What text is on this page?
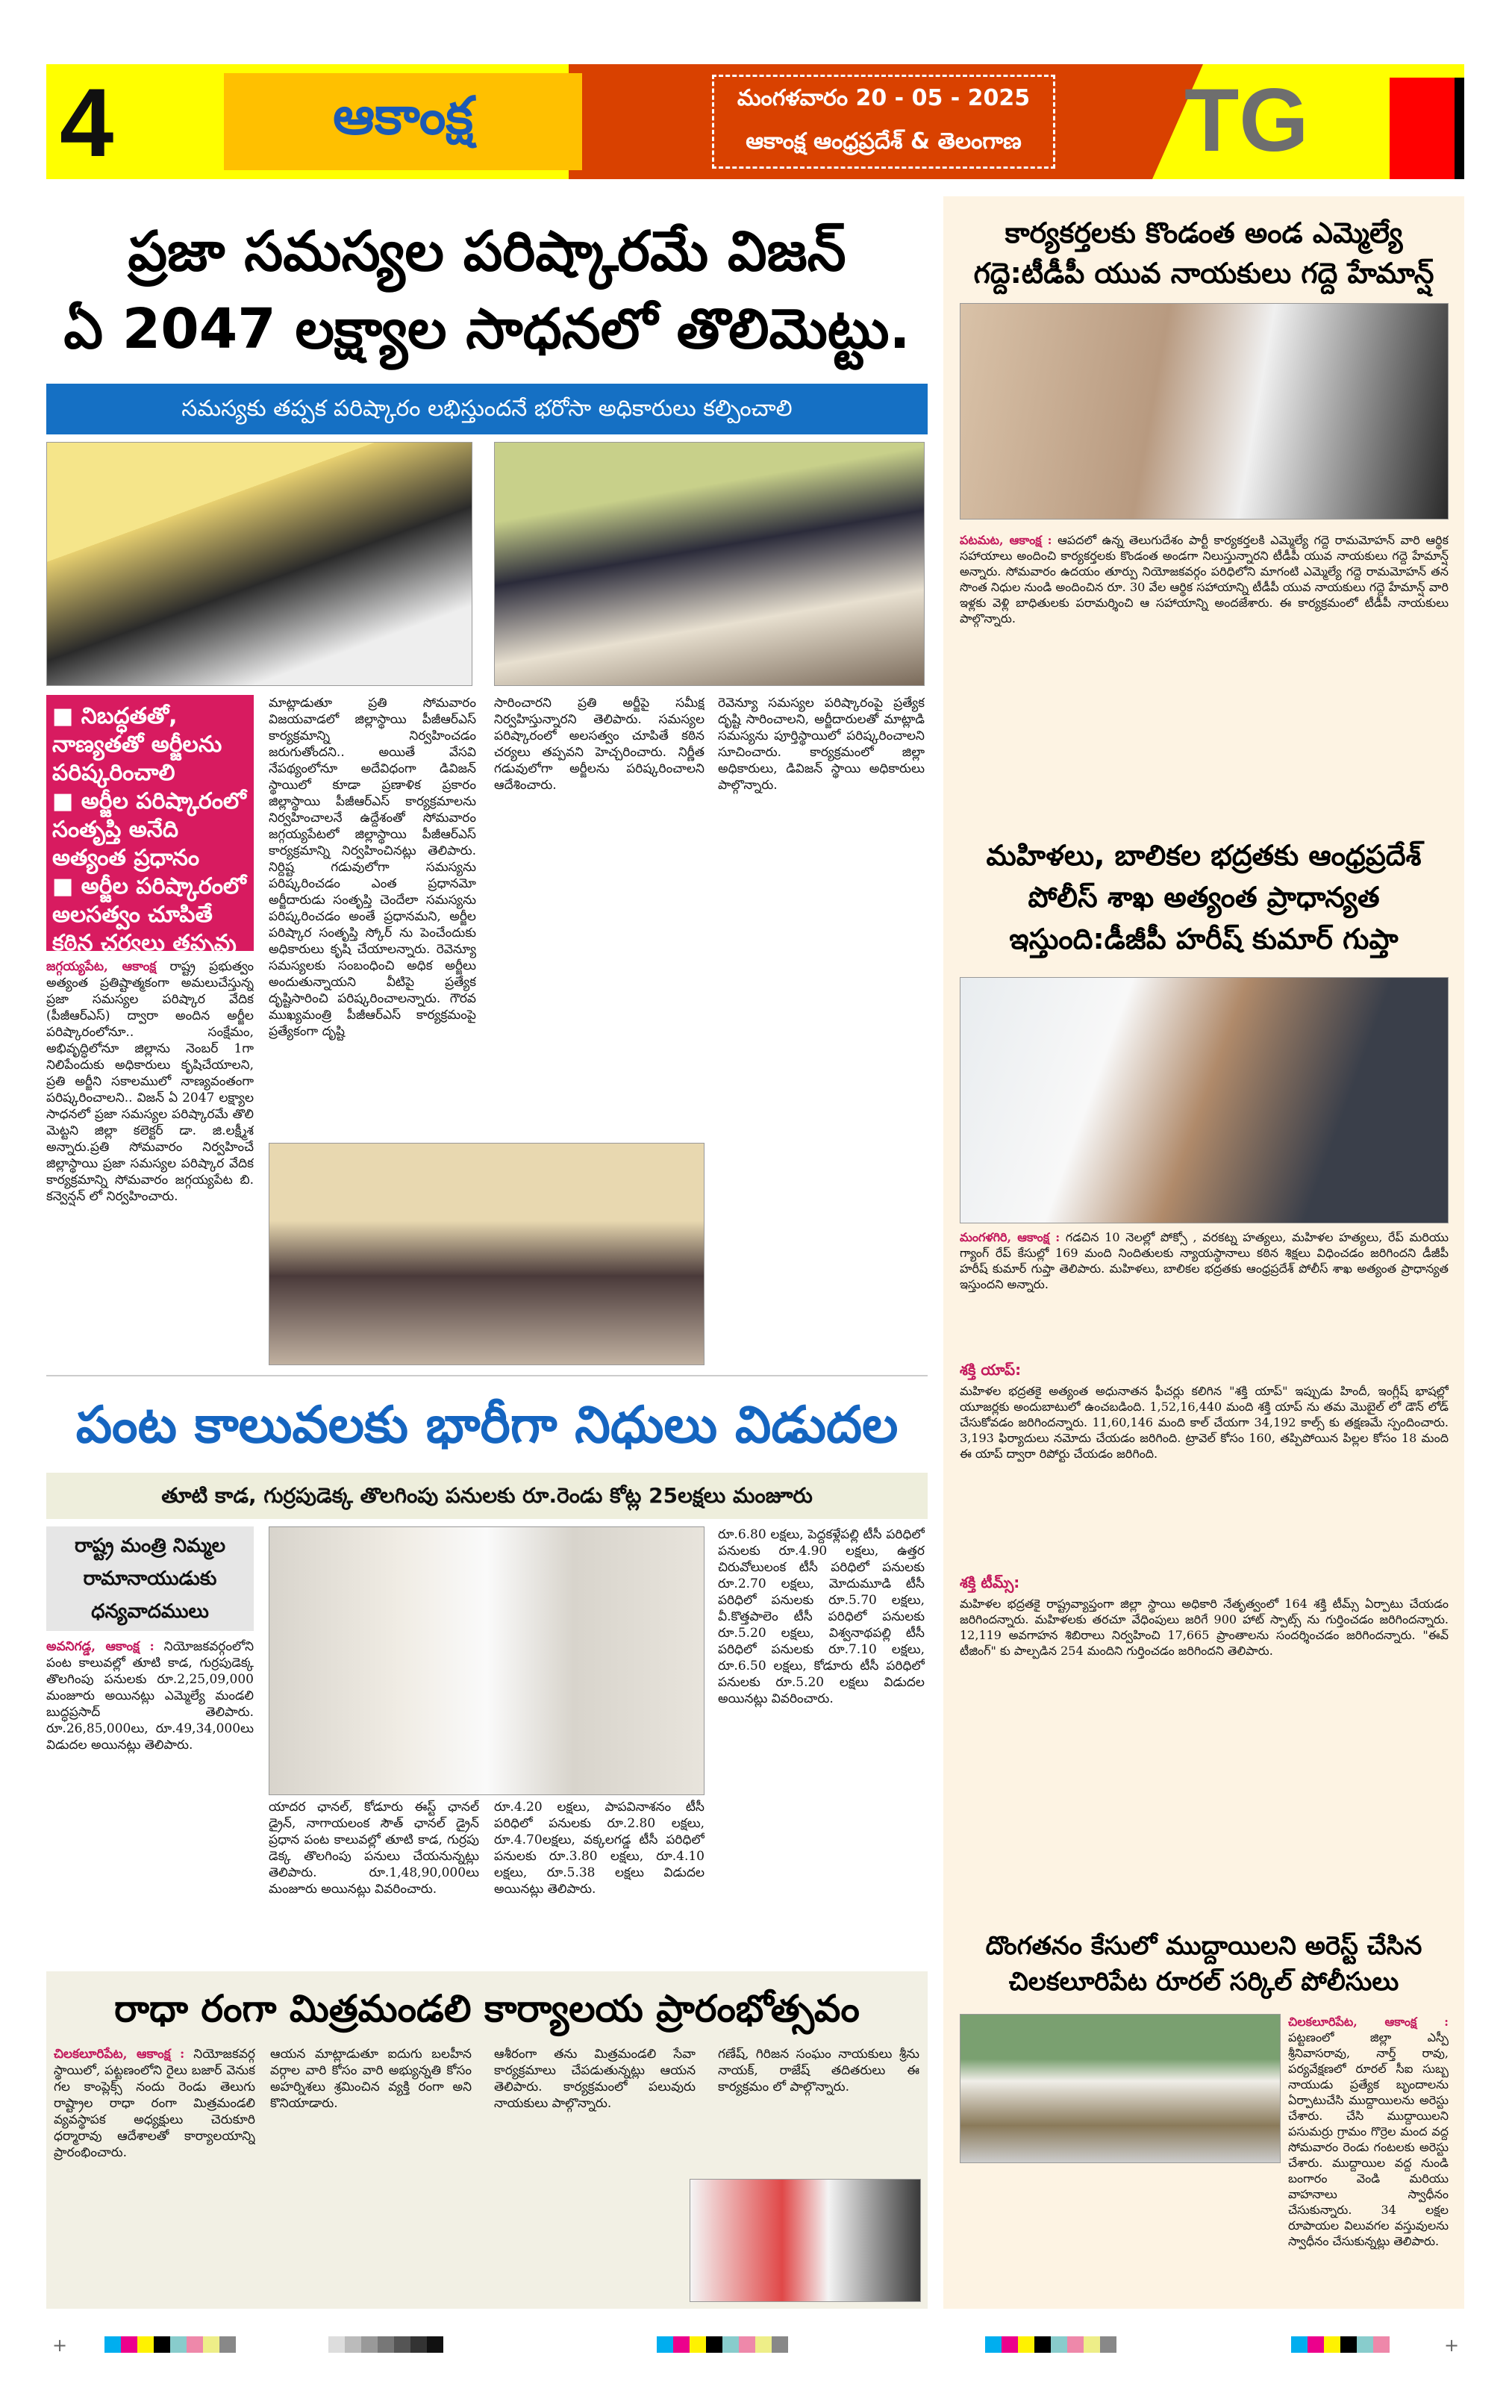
4	ఆకాంక్ష	మంగళవారం 20 - 05 - 2025
ఆకాంక్ష ఆంధ్రప్రదేశ్ & తెలంగాణ	TG
ప్రజా సమస్యల పరిష్కారమే విజన్
ఏ 2047 లక్ష్యాల సాధనలో తొలిమెట్టు.
సమస్యకు తప్పక పరిష్కారం లభిస్తుందనే భరోసా అధికారులు కల్పించాలి
■ నిబద్ధతతో, నాణ్యతతో అర్జీలను పరిష్కరించాలి
■ అర్జీల పరిష్కారంలో సంతృప్తి అనేది అత్యంత ప్రధానం
■ అర్జీల పరిష్కారంలో అలసత్వం చూపితే కఠిన చర్యలు తప్పవు
జగ్గయ్యపేట, ఆకాంక్ష రాష్ట్ర ప్రభుత్వం అత్యంత ప్రతిష్టాత్మకంగా అమలుచేస్తున్న ప్రజా సమస్యల పరిష్కార వేదిక (పీజీఆర్ఎస్) ద్వారా అందిన అర్జీల పరిష్కారంలోనూ.. సంక్షేమం, అభివృద్ధిలోనూ జిల్లాను నెంబర్ 1గా నిలిపేందుకు అధికారులు కృషిచేయాలని, ప్రతి అర్జీని సకాలములో నాణ్యవంతంగా పరిష్కరించాలని.. విజన్ ఏ 2047 లక్ష్యాల సాధనలో ప్రజా సమస్యల పరిష్కారమే తొలి మెట్టని జిల్లా కలెక్టర్ డా. జి.లక్ష్మీశ అన్నారు.ప్రతి సోమవారం నిర్వహించే జిల్లాస్థాయి ప్రజా సమస్యల పరిష్కార వేదిక కార్యక్రమాన్ని సోమవారం జగ్గయ్యపేట బి. కన్వెన్షన్ లో నిర్వహించారు.
మాట్లాడుతూ ప్రతి సోమవారం విజయవాడలో జిల్లాస్థాయి పీజీఆర్ఎస్ కార్యక్రమాన్ని నిర్వహించడం జరుగుతోందని.. అయితే వేసవి నేపథ్యంలోనూ అదేవిధంగా డివిజన్ స్థాయిలో కూడా ప్రణాళిక ప్రకారం జిల్లాస్థాయి పీజీఆర్ఎస్ కార్యక్రమాలను నిర్వహించాలనే ఉద్దేశంతో సోమవారం జగ్గయ్యపేటలో జిల్లాస్థాయి పీజీఆర్ఎస్ కార్యక్రమాన్ని నిర్వహించినట్లు తెలిపారు. నిర్దిష్ట గడువులోగా సమస్యను పరిష్కరించడం ఎంత ప్రధానమో అర్జీదారుడు సంతృప్తి చెందేలా సమస్యను పరిష్కరించడం అంతే ప్రధానమని, అర్జీల పరిష్కార సంతృప్తి స్కోర్ ను పెంచేందుకు అధికారులు కృషి చేయాలన్నారు. రెవెన్యూ సమస్యలకు సంబంధించి అధిక అర్జీలు అందుతున్నాయని వీటిపై ప్రత్యేక దృష్టిసారించి పరిష్కరించాలన్నారు. గౌరవ ముఖ్యమంత్రి పీజీఆర్ఎస్ కార్యక్రమంపై ప్రత్యేకంగా దృష్టి
సారించారని ప్రతి అర్జీపై సమీక్ష నిర్వహిస్తున్నారని తెలిపారు. సమస్యల పరిష్కారంలో అలసత్వం చూపితే కఠిన చర్యలు తప్పవని హెచ్చరించారు. నిర్ణీత గడువులోగా అర్జీలను పరిష్కరించాలని ఆదేశించారు.
రెవెన్యూ సమస్యల పరిష్కారంపై ప్రత్యేక దృష్టి సారించాలని, అర్జీదారులతో మాట్లాడి సమస్యను పూర్తిస్థాయిలో పరిష్కరించాలని సూచించారు. కార్యక్రమంలో జిల్లా అధికారులు, డివిజన్ స్థాయి అధికారులు పాల్గొన్నారు.
పంట కాలువలకు భారీగా నిధులు విడుదల
తూటి కాడ, గుర్రపుడెక్క తొలగింపు పనులకు రూ.రెండు కోట్ల 25లక్షలు మంజూరు
రాష్ట్ర మంత్రి నిమ్మల రామానాయుడుకు ధన్యవాదములు
అవనిగడ్డ, ఆకాంక్ష : నియోజకవర్గంలోని పంట కాలువల్లో తూటి కాడ, గుర్రపుడెక్క తొలగింపు పనులకు రూ.2,25,09,000 మంజూరు అయినట్లు ఎమ్మెల్యే మండలి బుద్ధప్రసాద్ తెలిపారు. రూ.26,85,000లు, రూ.49,34,000లు విడుదల అయినట్లు తెలిపారు.
రూ.6.80 లక్షలు, పెద్దకళ్లేపల్లి టీసీ పరిధిలో పనులకు రూ.4.90 లక్షలు, ఉత్తర చిరువోలులంక టీసీ పరిధిలో పనులకు రూ.2.70 లక్షలు, మోదుమూడి టీసీ పరిధిలో పనులకు రూ.5.70 లక్షలు, వీ.కొత్తపాలెం టీసీ పరిధిలో పనులకు రూ.5.20 లక్షలు, విశ్వనాథపల్లి టీసీ పరిధిలో పనులకు రూ.7.10 లక్షలు, రూ.6.50 లక్షలు, కోడూరు టీసీ పరిధిలో పనులకు రూ.5.20 లక్షలు విడుదల అయినట్లు వివరించారు.
యాదర ఛానల్, కోడూరు ఈస్ట్ ఛానల్ డ్రైన్, నాగాయలంక సౌత్ ఛానల్ డ్రైన్ ప్రధాన పంట కాలువల్లో తూటి కాడ, గుర్రపు డెక్క తొలగింపు పనులు చేయనున్నట్లు తెలిపారు. రూ.1,48,90,000లు మంజూరు అయినట్లు వివరించారు.
రూ.4.20 లక్షలు, పాపవినాశనం టీసీ పరిధిలో పనులకు రూ.2.80 లక్షలు, రూ.4.70లక్షలు, వక్కలగడ్డ టీసీ పరిధిలో పనులకు రూ.3.80 లక్షలు, రూ.4.10 లక్షలు, రూ.5.38 లక్షలు విడుదల అయినట్లు తెలిపారు.
రాధా రంగా మిత్రమండలి కార్యాలయ ప్రారంభోత్సవం
చిలకలూరిపేట, ఆకాంక్ష : నియోజకవర్గ స్థాయిలో, పట్టణంలోని రైలు బజార్ వెనుక గల కాంప్లెక్స్ నందు రెండు తెలుగు రాష్ట్రాల రాధా రంగా మిత్రమండలి వ్యవస్థాపక అధ్యక్షులు చెరుకూరి ధర్మారావు ఆదేశాలతో కార్యాలయాన్ని ప్రారంభించారు.
ఆయన మాట్లాడుతూ ఐదుగు బలహీన వర్గాల వారి కోసం వారి అభ్యున్నతి కోసం అహర్నిశలు శ్రమించిన వ్యక్తి రంగా అని కొనియాడారు.
ఆశీరంగా తను మిత్రమండలి సేవా కార్యక్రమాలు చేపడుతున్నట్లు ఆయన తెలిపారు. కార్యక్రమంలో పలువురు నాయకులు పాల్గొన్నారు.
గణేష్, గిరిజన సంఘం నాయకులు శ్రీను నాయక్, రాజేష్ తదితరులు ఈ కార్యక్రమం లో పాల్గొన్నారు.
కార్యకర్తలకు కొండంత అండ ఎమ్మెల్యే గద్దె:టీడీపీ యువ నాయకులు గద్దె హేమాన్ష్
పటమట, ఆకాంక్ష : ఆపదలో ఉన్న తెలుగుదేశం పార్టీ కార్యకర్తలకి ఎమ్మెల్యే గద్దె రామమోహన్ వారి ఆర్థిక సహాయాలు అందించి కార్యకర్తలకు కొండంత అండగా నిలుస్తున్నారని టీడీపీ యువ నాయకులు గద్దె హేమాన్ష్ అన్నారు. సోమవారం ఉదయం తూర్పు నియోజకవర్గం పరిధిలోని మాగంటి ఎమ్మెల్యే గద్దె రామమోహన్ తన సొంత నిధుల నుండి అందించిన రూ. 30 వేల ఆర్థిక సహాయాన్ని టీడీపీ యువ నాయకులు గద్దె హేమాన్ష్ వారి ఇళ్లకు వెళ్లి బాధితులకు పరామర్శించి ఆ సహాయాన్ని అందజేశారు. ఈ కార్యక్రమంలో టీడీపీ నాయకులు పాల్గొన్నారు.
మహిళలు, బాలికల భద్రతకు ఆంధ్రప్రదేశ్ పోలీస్ శాఖ అత్యంత ప్రాధాన్యత ఇస్తుంది:డీజీపీ హరీష్ కుమార్ గుప్తా
మంగళగిరి, ఆకాంక్ష : గడచిన 10 నెలల్లో పోక్సో , వరకట్న హత్యలు, మహిళల హత్యలు, రేప్ మరియు గ్యాంగ్ రేప్ కేసుల్లో 169 మంది నిందితులకు న్యాయస్థానాలు కఠిన శిక్షలు విధించడం జరిగిందని డీజీపీ హరీష్ కుమార్ గుప్తా తెలిపారు. మహిళలు, బాలికల భద్రతకు ఆంధ్రప్రదేశ్ పోలీస్ శాఖ అత్యంత ప్రాధాన్యత ఇస్తుందని అన్నారు.
శక్తి యాప్:
మహిళల భద్రతకై అత్యంత అధునాతన ఫీచర్లు కలిగిన "శక్తి యాప్" ఇప్పుడు హిందీ, ఇంగ్లీష్ భాషల్లో యూజర్లకు అందుబాటులో ఉంచబడింది. 1,52,16,440 మంది శక్తి యాప్ ను తమ మొబైల్ లో డౌన్ లోడ్ చేసుకోవడం జరిగిందన్నారు. 11,60,146 మంది కాల్ చేయగా 34,192 కాల్స్ కు తక్షణమే స్పందించారు. 3,193 ఫిర్యాదులు నమోదు చేయడం జరిగింది. ట్రావెల్ కోసం 160, తప్పిపోయిన పిల్లల కోసం 18 మంది ఈ యాప్ ద్వారా రిపోర్టు చేయడం జరిగింది.
శక్తి టీమ్స్:
మహిళల భద్రతకై రాష్ట్రవ్యాప్తంగా జిల్లా స్థాయి అధికారి నేతృత్వంలో 164 శక్తి టీమ్స్ ఏర్పాటు చేయడం జరిగిందన్నారు. మహిళలకు తరచూ వేధింపులు జరిగే 900 హాట్ స్పాట్స్ ను గుర్తించడం జరిగిందన్నారు. 12,119 అవగాహన శిబిరాలు నిర్వహించి 17,665 ప్రాంతాలను సందర్శించడం జరిగిందన్నారు. "ఈవ్ టీజింగ్" కు పాల్పడిన 254 మందిని గుర్తించడం జరిగిందని తెలిపారు.
దొంగతనం కేసులో ముద్దాయిలని అరెస్ట్ చేసిన చిలకలూరిపేట రూరల్ సర్కిల్ పోలీసులు
చిలకలూరిపేట, ఆకాంక్ష : పట్టణంలో జిల్లా ఎస్పీ శ్రీనివాసరావు, నార్త్ రావు, పర్యవేక్షణలో రూరల్ సీఐ సుబ్బ నాయుడు ప్రత్యేక బృందాలను ఏర్పాటుచేసి ముద్దాయిలను అరెస్టు చేశారు. చేసి ముద్దాయిలని పసుమర్రు గ్రామం గొర్రెల మంద వద్ద సోమవారం రెండు గంటలకు అరెస్టు చేశారు. ముద్దాయిల వద్ద నుండి బంగారం వెండి మరియు వాహనాలు స్వాధీనం చేసుకున్నారు. 34 లక్షల రూపాయల విలువగల వస్తువులను స్వాధీనం చేసుకున్నట్లు తెలిపారు.
+	+
